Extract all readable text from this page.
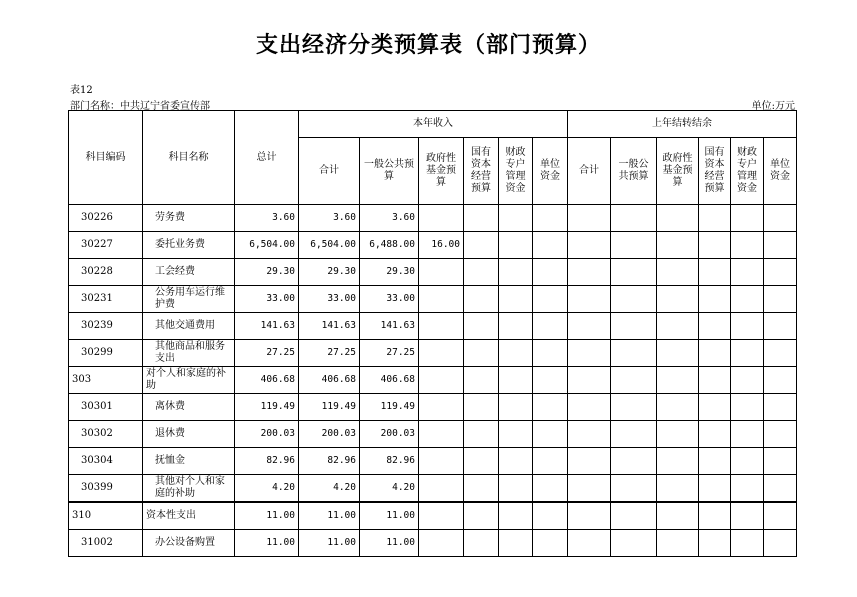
支出经济分类预算表（部门预算）
表12
部门名称：中共辽宁省委宣传部	单位:万元
科目编码	科目名称	总计	本年收入						上年结转结余					
			合计	一般公共预算	政府性基金预算	国有资本经营预算	财政专户管理资金	单位资金	合计	一般公共预算	政府性基金预算	国有资本经营预算	财政专户管理资金	单位资金
30226	劳务费	3.60	3.60	3.60										
30227	委托业务费	6,504.00	6,504.00	6,488.00	16.00									
30228	工会经费	29.30	29.30	29.30										
30231	公务用车运行维护费	33.00	33.00	33.00										
30239	其他交通费用	141.63	141.63	141.63										
30299	其他商品和服务支出	27.25	27.25	27.25										
303	对个人和家庭的补助	406.68	406.68	406.68										
30301	离休费	119.49	119.49	119.49										
30302	退休费	200.03	200.03	200.03										
30304	抚恤金	82.96	82.96	82.96										
30399	其他对个人和家庭的补助	4.20	4.20	4.20										
310	资本性支出	11.00	11.00	11.00										
31002	办公设备购置	11.00	11.00	11.00										
